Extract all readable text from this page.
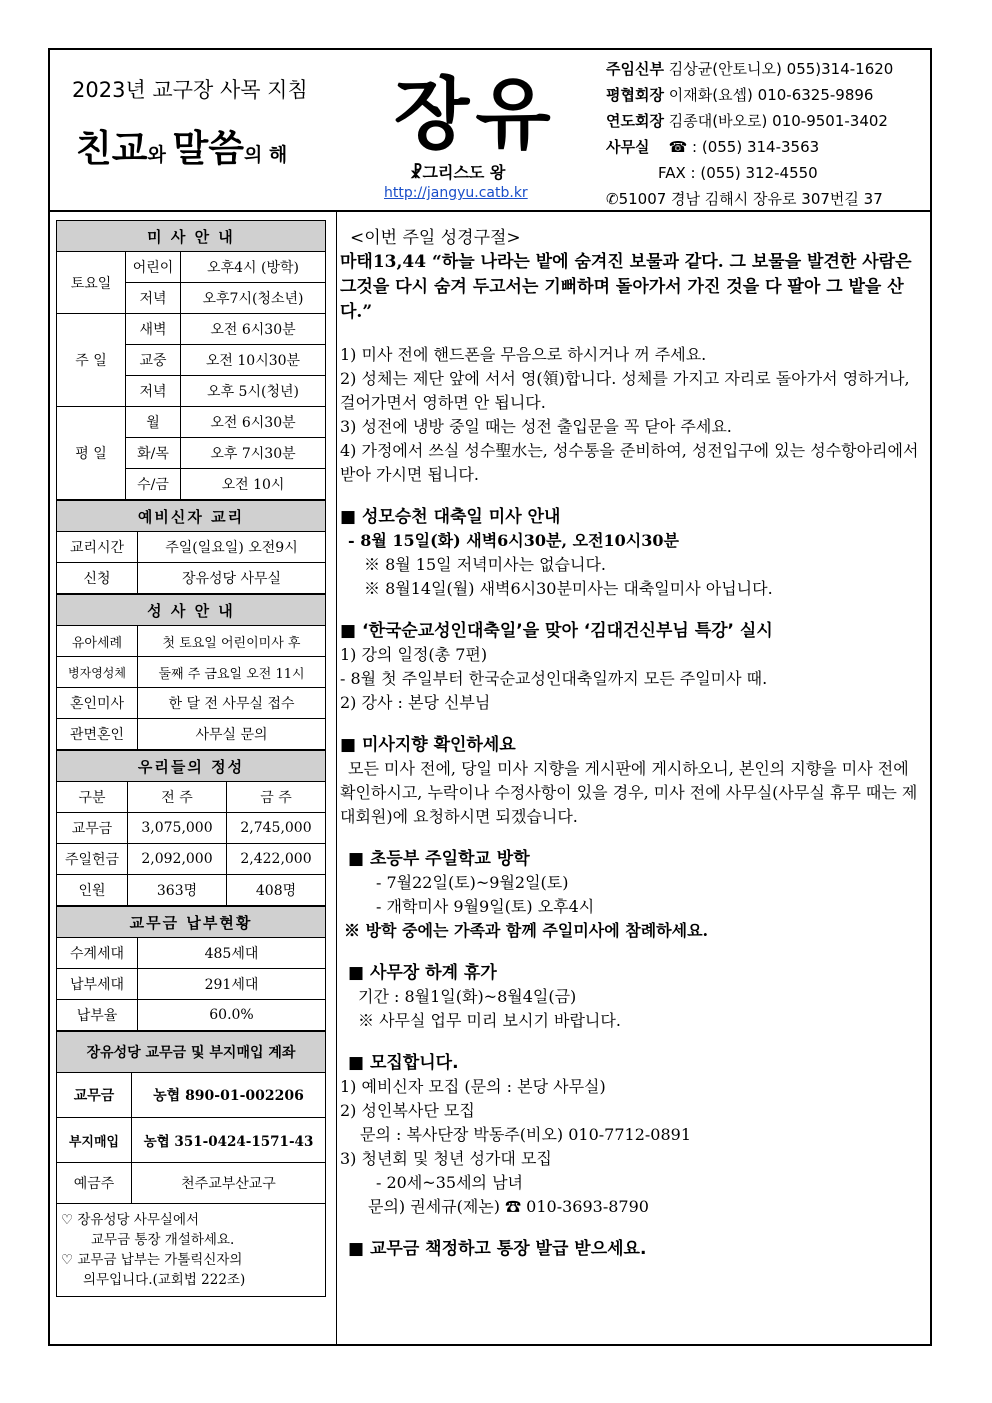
2023년 교구장 사목 지침
친교와 말씀의 해 장유
☧그리스도 왕
http://jangyu.catb.kr
주임신부 김상균(안토니오) 055)314-1620
평협회장 이재화(요셉) 010-6325-9896
연도회장 김종대(바오로) 010-9501-3402
사무실 ☎ : (055) 314-3563
FAX : (055) 312-4550
✆51007 경남 김해시 장유로 307번길 37
미 사 안 내		
토요일	어린이	오후4시 (방학)
	저녁	오후7시(청소년)
주 일	새벽	오전 6시30분
	교중	오전 10시30분
	저녁	오후 5시(청년)
평 일	월	오전 6시30분
	화/목	오후 7시30분
	수/금	오전 10시
예비신자 교리	
교리시간	주일(일요일) 오전9시
신청	장유성당 사무실
성 사 안 내	
유아세례	첫 토요일 어린이미사 후
병자영성체	둘째 주 금요일 오전 11시
혼인미사	한 달 전 사무실 접수
관면혼인	사무실 문의
우리들의 정성		
구분	전 주	금 주
교무금	3,075,000	2,745,000
주일헌금	2,092,000	2,422,000
인원	363명	408명
교무금 납부현황	
수계세대	485세대
납부세대	291세대
납부율	60.0%
장유성당 교무금 및 부지매입 계좌	
교무금	농협 890-01-002206
부지매입	농협 351-0424-1571-43
예금주	천주교부산교구
♡ 장유성당 사무실에서
교무금 통장 개설하세요.
♡ 교무금 납부는 가톨릭신자의
의무입니다.(교회법 222조)

<이번 주일 성경구절>

마태13,44 “하늘 나라는 밭에 숨겨진 보물과 같다. 그 보물을 발견한 사람은 그것을 다시 숨겨 두고서는 기뻐하며 돌아가서 가진 것을 다 팔아 그 밭을 산다.”

1) 미사 전에 핸드폰을 무음으로 하시거나 꺼 주세요.

2) 성체는 제단 앞에 서서 영(領)합니다. 성체를 가지고 자리로 돌아가서 영하거나, 걸어가면서 영하면 안 됩니다.

3) 성전에 냉방 중일 때는 성전 출입문을 꼭 닫아 주세요.

4) 가정에서 쓰실 성수聖水는, 성수통을 준비하여, 성전입구에 있는 성수항아리에서 받아 가시면 됩니다.

■ 성모승천 대축일 미사 안내

- 8월 15일(화) 새벽6시30분, 오전10시30분

※ 8월 15일 저녁미사는 없습니다.

※ 8월14일(월) 새벽6시30분미사는 대축일미사 아닙니다.

■ ‘한국순교성인대축일’을 맞아 ‘김대건신부님 특강’ 실시

1) 강의 일정(총 7편)

- 8월 첫 주일부터 한국순교성인대축일까지 모든 주일미사 때.

2) 강사 : 본당 신부님

■ 미사지향 확인하세요

모든 미사 전에, 당일 미사 지향을 게시판에 게시하오니, 본인의 지향을 미사 전에 확인하시고, 누락이나 수정사항이 있을 경우, 미사 전에 사무실(사무실 휴무 때는 제대회원)에 요청하시면 되겠습니다.

■ 초등부 주일학교 방학

- 7월22일(토)~9월2일(토)

- 개학미사 9월9일(토) 오후4시

※ 방학 중에는 가족과 함께 주일미사에 참례하세요.

■ 사무장 하계 휴가

기간 : 8월1일(화)~8월4일(금)

※ 사무실 업무 미리 보시기 바랍니다.

■ 모집합니다.

1) 예비신자 모집 (문의 : 본당 사무실)

2) 성인복사단 모집

문의 : 복사단장 박동주(비오) 010-7712-0891

3) 청년회 및 청년 성가대 모집

- 20세~35세의 남녀

문의) 권세규(제논) ☎ 010-3693-8790

■ 교무금 책정하고 통장 발급 받으세요.
